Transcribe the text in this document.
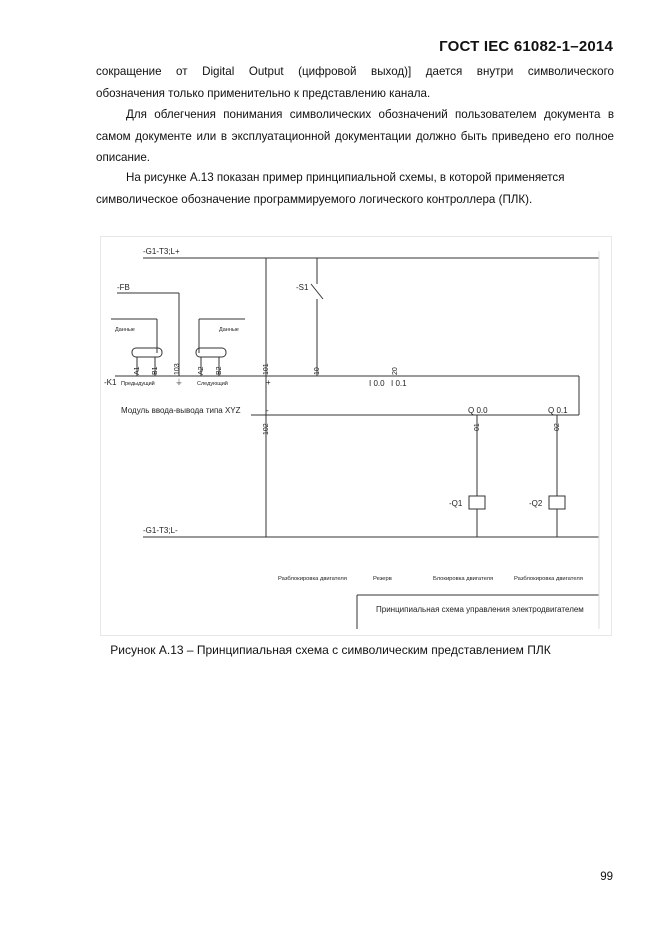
ГОСТ IEC 61082-1–2014

сокращение от Digital Output (цифровой выход)] дается внутри символического

обозначения только применительно к представлению канала.

Для облегчения понимания символических обозначений пользователем документа в самом документе или в эксплуатационной документации должно быть приведено его полное описание.

На рисунке А.13 показан пример принципиальной схемы, в которой применяется

символическое обозначение программируемого логического контроллера (ПЛК).

-G1-T3;L+
-G1-T3;L-
-FB	-S1
-K1	I 0.0 I 0.1
Q 0.0	Q 0.1
Модуль ввода-вывода типа XYZ
-Q1	-Q2
+
-
Данные	Данные
Предыдущий	Следующий
⏚
A1 B1 103 A2 B2	101	10	20
102	01	02
Разблокировка двигателя	Резерв	Блокировка двигателя	Разблокировка двигателя
Принципиальная схема управления электродвигателем
Рисунок А.13 – Принципиальная схема с символическим представлением ПЛК
99
